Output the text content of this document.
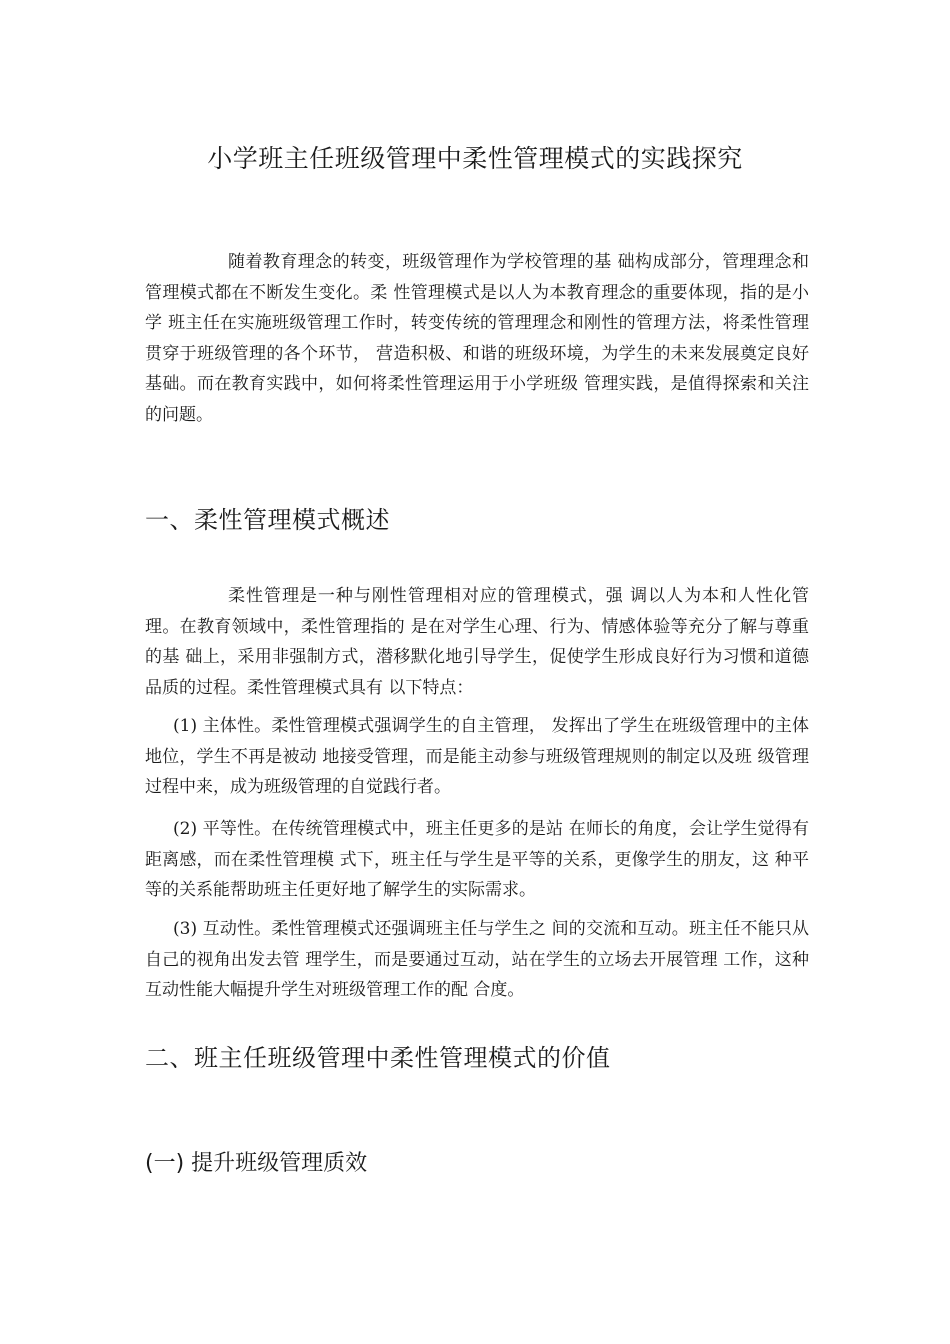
小学班主任班级管理中柔性管理模式的实践探究

随着教育理念的转变，班级管理作为学校管理的基 础构成部分，管理理念和管理模式都在不断发生变化。柔 性管理模式是以人为本教育理念的重要体现，指的是小学 班主任在实施班级管理工作时，转变传统的管理理念和刚性的管理方法，将柔性管理贯穿于班级管理的各个环节， 营造积极、和谐的班级环境，为学生的未来发展奠定良好 基础。而在教育实践中，如何将柔性管理运用于小学班级 管理实践，是值得探索和关注的问题。

一、柔性管理模式概述

柔性管理是一种与刚性管理相对应的管理模式，强 调以人为本和人性化管理。在教育领域中，柔性管理指的 是在对学生心理、行为、情感体验等充分了解与尊重的基 础上，采用非强制方式，潜移默化地引导学生，促使学生形成良好行为习惯和道德品质的过程。柔性管理模式具有 以下特点：

(1) 主体性。柔性管理模式强调学生的自主管理， 发挥出了学生在班级管理中的主体地位，学生不再是被动 地接受管理，而是能主动参与班级管理规则的制定以及班 级管理过程中来，成为班级管理的自觉践行者。

(2) 平等性。在传统管理模式中，班主任更多的是站 在师长的角度，会让学生觉得有距离感，而在柔性管理模 式下，班主任与学生是平等的关系，更像学生的朋友，这 种平等的关系能帮助班主任更好地了解学生的实际需求。

(3) 互动性。柔性管理模式还强调班主任与学生之 间的交流和互动。班主任不能只从自己的视角出发去管 理学生，而是要通过互动，站在学生的立场去开展管理 工作，这种互动性能大幅提升学生对班级管理工作的配 合度。

二、班主任班级管理中柔性管理模式的价值
(一) 提升班级管理质效
